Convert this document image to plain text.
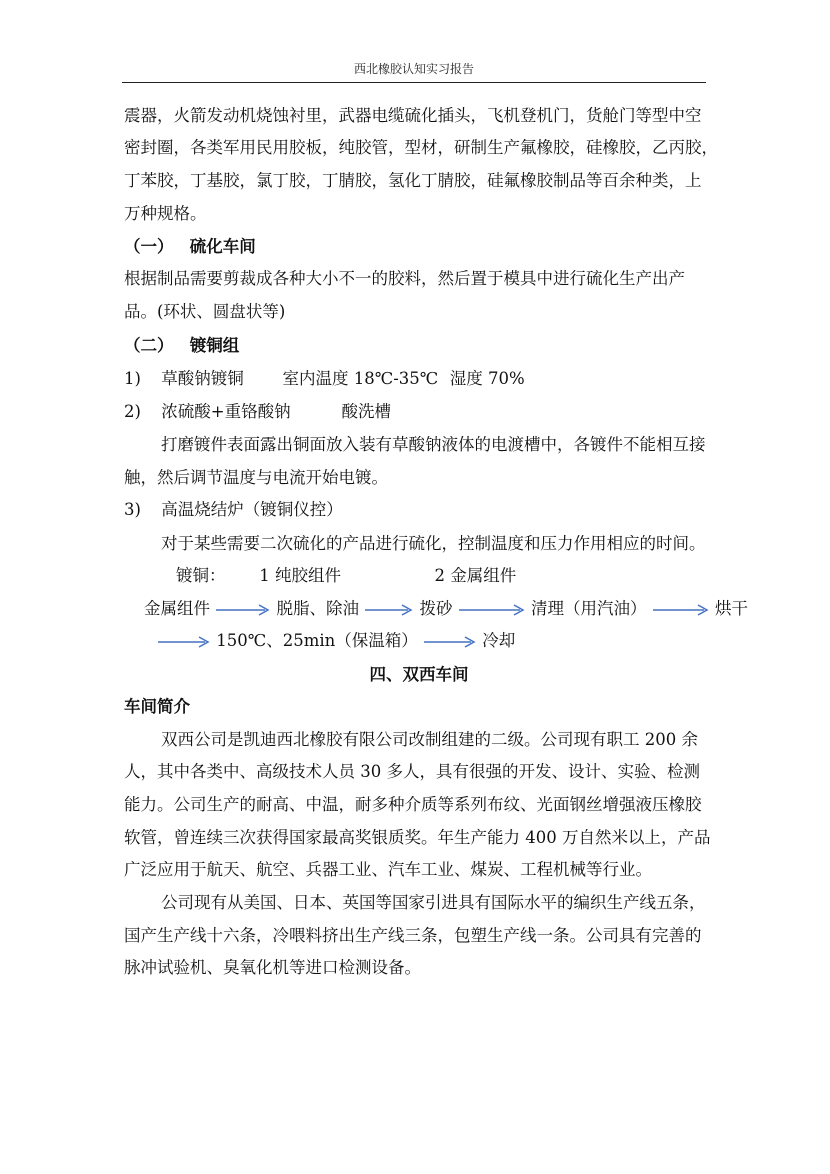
西北橡胶认知实习报告
震器，火箭发动机烧蚀衬里，武器电缆硫化插头，飞机登机门，货舱门等型中空
密封圈，各类军用民用胶板，纯胶管，型材，研制生产氟橡胶，硅橡胶，乙丙胶，
丁苯胶，丁基胶，氯丁胶，丁腈胶，氢化丁腈胶，硅氟橡胶制品等百余种类，上
万种规格。
（一） 硫化车间
根据制品需要剪裁成各种大小不一的胶料，然后置于模具中进行硫化生产出产
品。(环状、圆盘状等)
（二） 镀铜组
1) 草酸钠镀铜 室内温度 18℃-35℃ 湿度 70%
2) 浓硫酸+重铬酸钠	酸洗槽
打磨镀件表面露出铜面放入装有草酸钠液体的电渡槽中，各镀件不能相互接
触，然后调节温度与电流开始电镀。
3) 高温烧结炉（镀铜仪控）
对于某些需要二次硫化的产品进行硫化，控制温度和压力作用相应的时间。
镀铜： 1 纯胶组件	2 金属组件
金属组件	脱脂、除油	拨砂	清理（用汽油）	烘干
150℃、25min（保温箱）	冷却
四、双西车间
车间简介
双西公司是凯迪西北橡胶有限公司改制组建的二级。公司现有职工 200 余
人，其中各类中、高级技术人员 30 多人，具有很强的开发、设计、实验、检测
能力。公司生产的耐高、中温，耐多种介质等系列布纹、光面钢丝增强液压橡胶
软管，曾连续三次获得国家最高奖银质奖。年生产能力 400 万自然米以上，产品
广泛应用于航天、航空、兵器工业、汽车工业、煤炭、工程机械等行业。
公司现有从美国、日本、英国等国家引进具有国际水平的编织生产线五条，
国产生产线十六条，冷喂料挤出生产线三条，包塑生产线一条。公司具有完善的
脉冲试验机、臭氧化机等进口检测设备。
